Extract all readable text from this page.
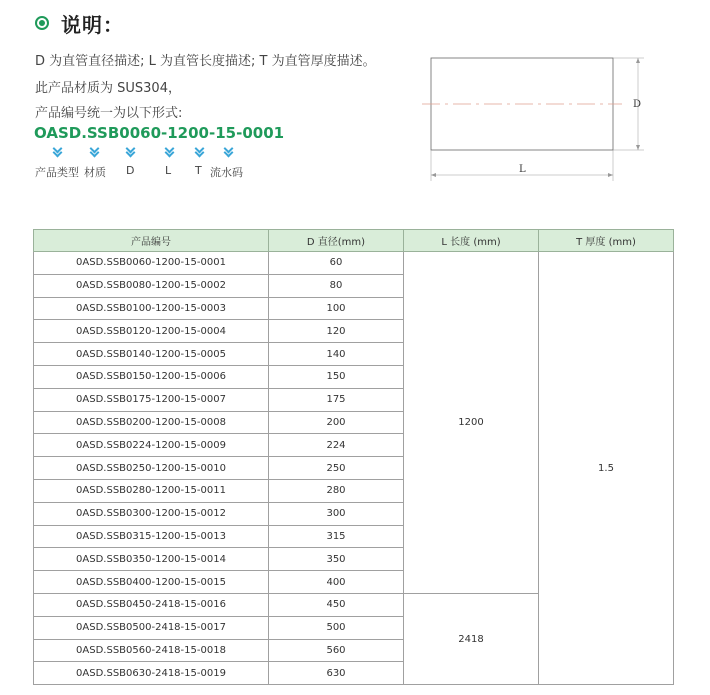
说明：
D 为直管直径描述; L 为直管长度描述; T 为直管厚度描述。
此产品材质为 SUS304，
产品编号统一为以下形式:
OASD.SSB0060-1200-15-0001
产品类型 材质 D	L T 流水码
D
L
产品编号	D 直径(mm)	L 长度 (mm)	T 厚度 (mm)
0ASD.SSB0060-1200-15-0001	60	1200	1.5
0ASD.SSB0080-1200-15-0002	80		
0ASD.SSB0100-1200-15-0003	100		
0ASD.SSB0120-1200-15-0004	120		
0ASD.SSB0140-1200-15-0005	140		
0ASD.SSB0150-1200-15-0006	150		
0ASD.SSB0175-1200-15-0007	175		
0ASD.SSB0200-1200-15-0008	200		
0ASD.SSB0224-1200-15-0009	224		
0ASD.SSB0250-1200-15-0010	250		
0ASD.SSB0280-1200-15-0011	280		
0ASD.SSB0300-1200-15-0012	300		
0ASD.SSB0315-1200-15-0013	315		
0ASD.SSB0350-1200-15-0014	350		
0ASD.SSB0400-1200-15-0015	400		
0ASD.SSB0450-2418-15-0016	450	2418	
0ASD.SSB0500-2418-15-0017	500		
0ASD.SSB0560-2418-15-0018	560		
0ASD.SSB0630-2418-15-0019	630		
